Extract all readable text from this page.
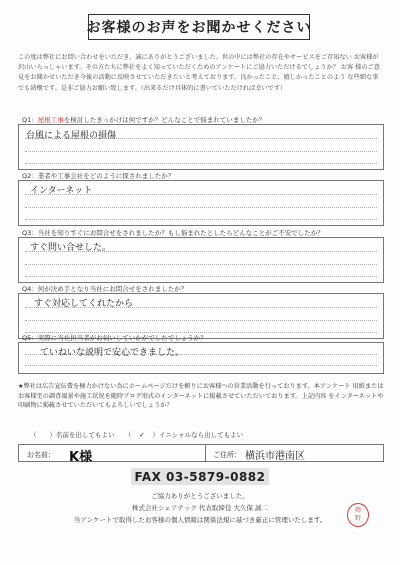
お客様のお声をお聞かせください
この度は弊社にお問い合わせをいただき、誠にありがとうございました。世の中には弊社の存在やサービスをご存知ない お客様が沢山いらっしゃいます。その方たちに弊社をよく知っていただくためのアンケートにご協力いただけるでしょうか？ お客 様のご意見をお聞かせいただき今後の活動に反映させていただきたいと考えております。良かったこと、嬉しかったことのよう な些細な事でも結構です。是非ご協力お願い致します。（出来るだけ具体的に書いていただければ幸いです）
Q1：屋根工事を検討したきっかけは何ですか？どんなことで悩まれていましたか？
台風による屋根の損傷
Q2：業者や工事会社をどのように探されましたか？
インターネット
Q3：当社を知りすぐにお問合せをされましたか？もし悩まれたとしたらどんなことがご不安でしたか？
すぐ問い合せした。
Q4：何が決め手となり当社にお問合せをされましたか？
すぐ対応してくれたから
Q5：実際に当社担当者がお伺いしていかがでしたでしょうか？
ていねいな説明で安心できました。
★弊社は広告宣伝費を極力かけない為にホームページだけを頼りにお客様への営業活動を行っております。本アンケート 用紙またはお客様宅の調査風景や施工状況を随時ブログ形式のインターネットに掲載させていただいております。上記内容 をインターネットや印刷物に掲載させていただいてもよろしいでしょうか？
（　　）名前を出してもよい （ ✓ ）イニシャルなら出してもよい
お名前： K様	ご住所： 横浜市港南区
FAX 03-5879-0882
ご協力ありがとうございました。
株式会社シェアテック 代表取締役 大久保 誠二
当アンケートで取得したお客様の個人情報は関係法規に基づき厳正に管理いたします。
岡
野
